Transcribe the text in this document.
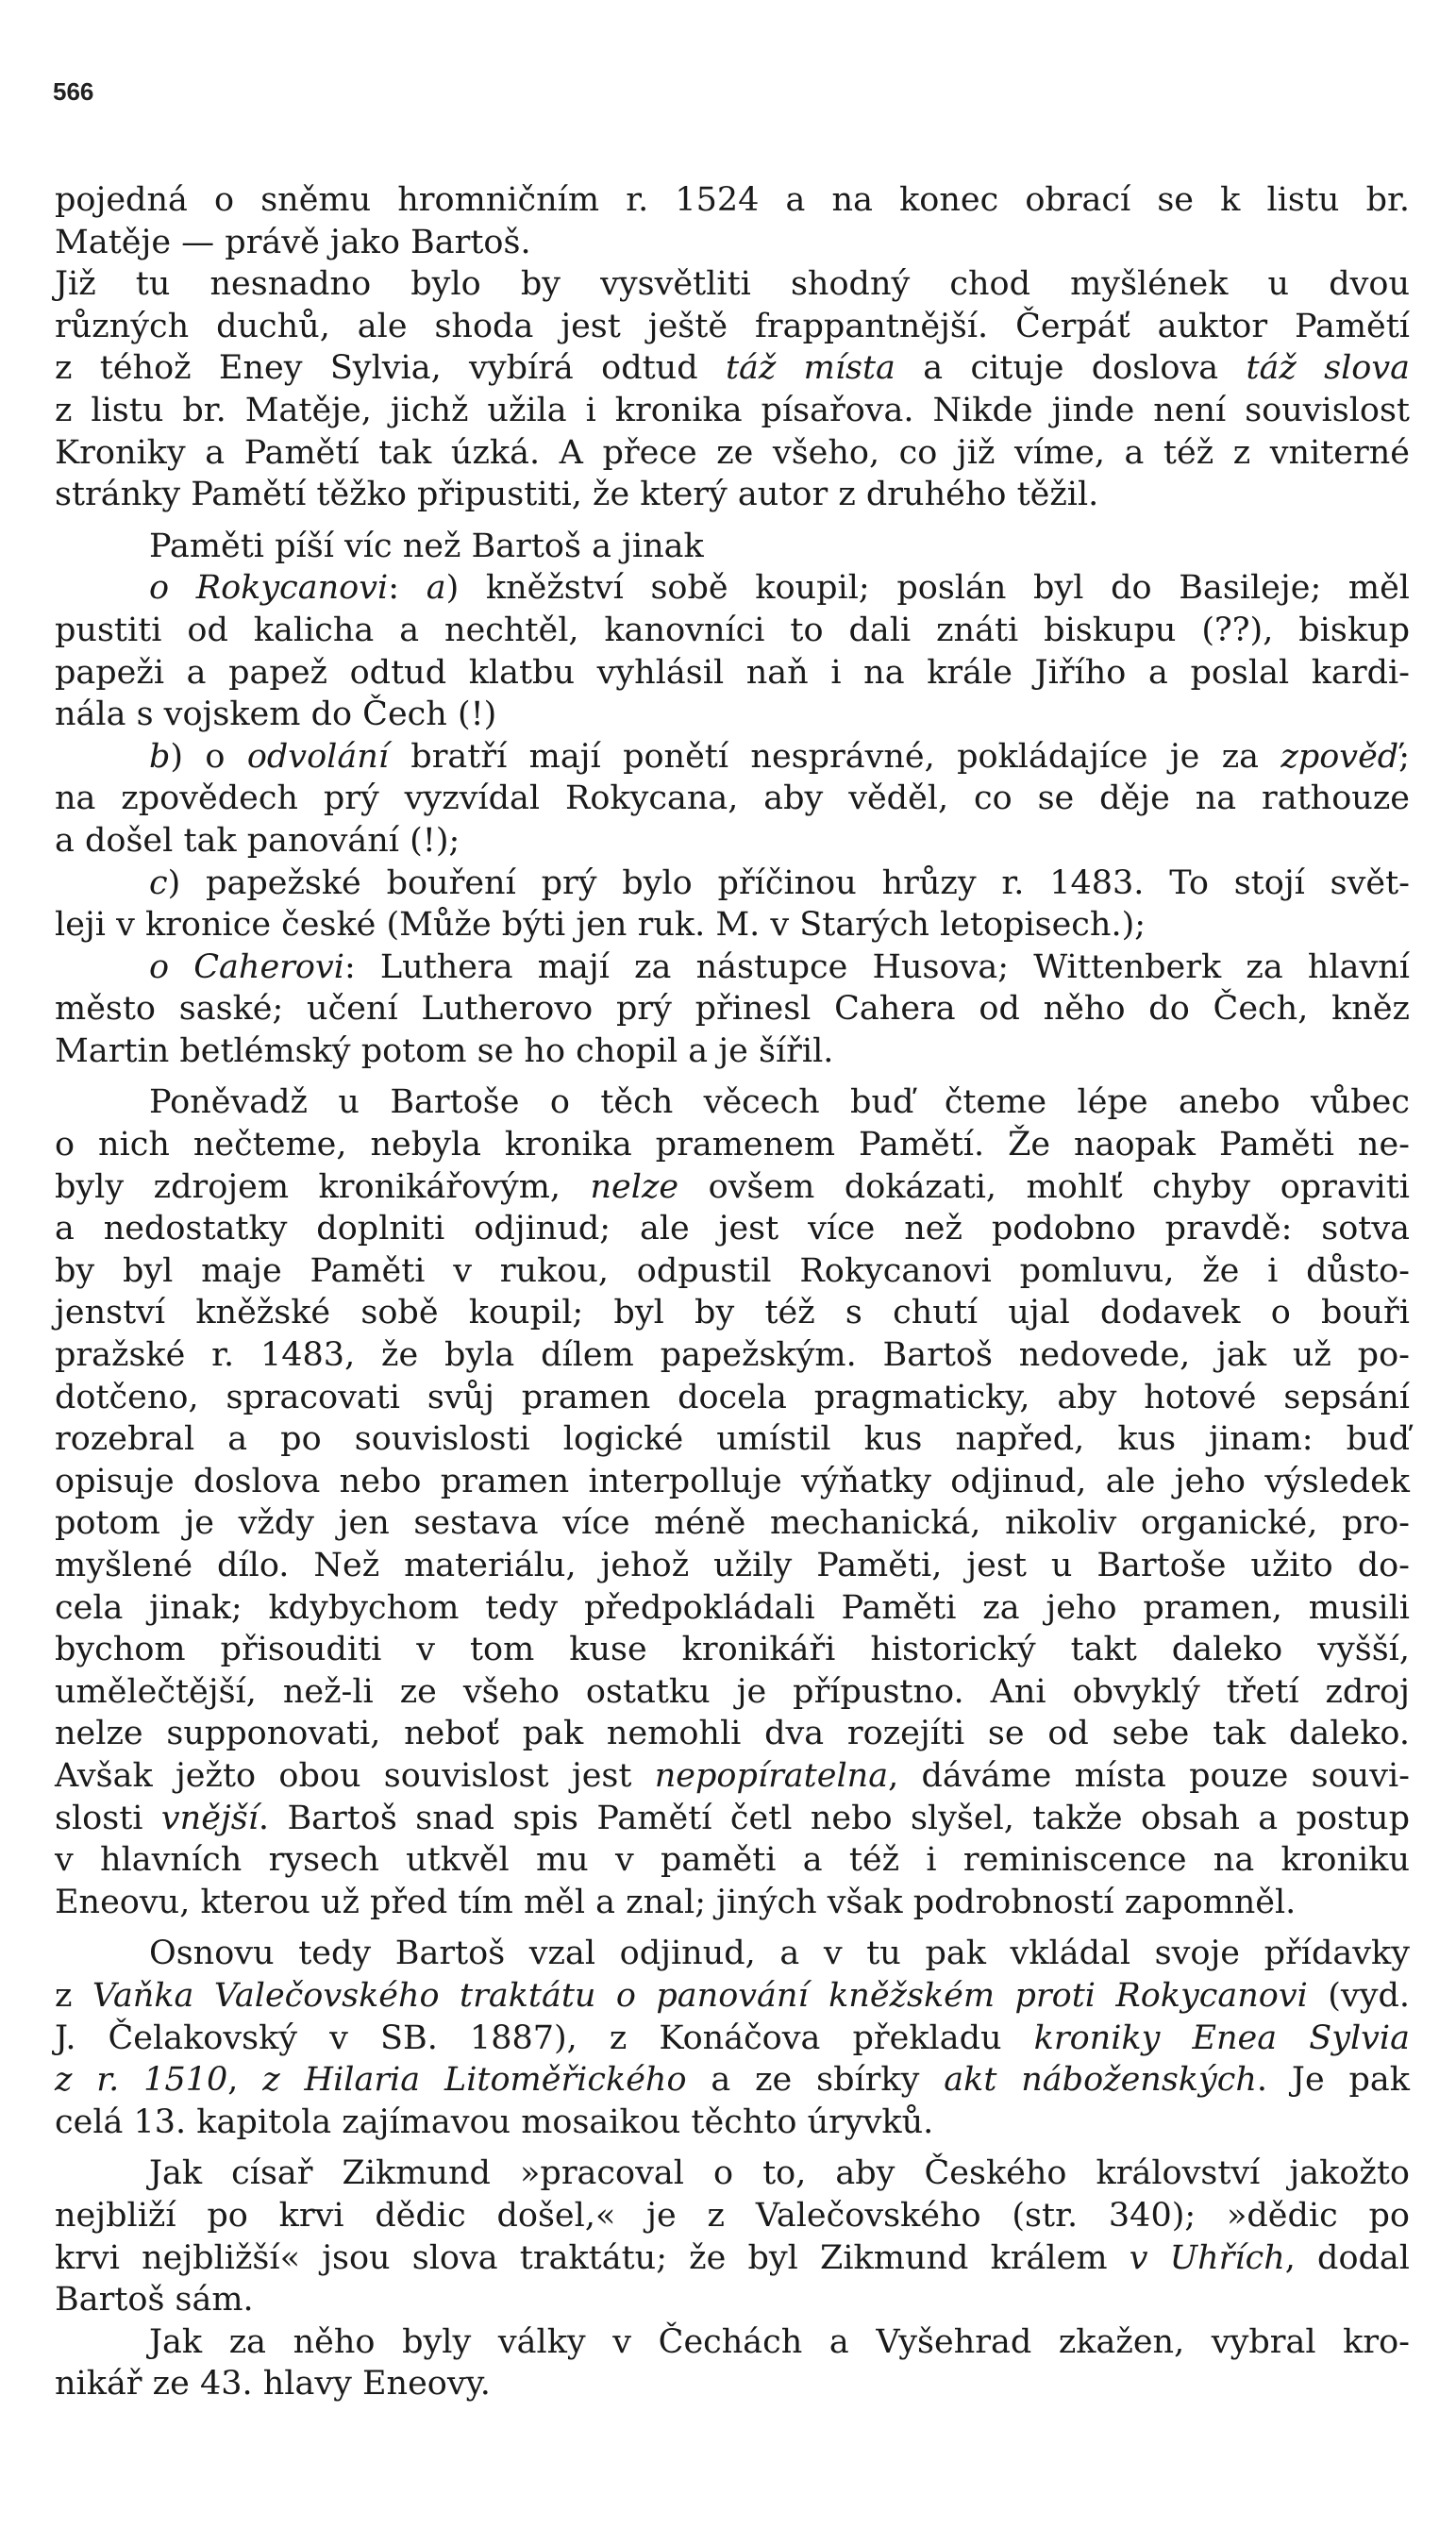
566
pojedná o sněmu hromničním r. 1524 a na konec obrací se k listu br.
Matěje — právě jako Bartoš.
Již tu nesnadno bylo by vysvětliti shodný chod myšlének u dvou
různých duchů, ale shoda jest ještě frappantnější. Čerpáť auktor Pamětí
z téhož Eney Sylvia, vybírá odtud táž místa a cituje doslova táž slova
z listu br. Matěje, jichž užila i kronika písařova. Nikde jinde není souvislost
Kroniky a Pamětí tak úzká. A přece ze všeho, co již víme, a též z vniterné
stránky Pamětí těžko připustiti, že který autor z druhého těžil.
Paměti píší víc než Bartoš a jinak
o Rokycanovi: a) kněžství sobě koupil; poslán byl do Basileje; měl
pustiti od kalicha a nechtěl, kanovníci to dali znáti biskupu (??), biskup
papeži a papež odtud klatbu vyhlásil naň i na krále Jiřího a poslal kardi-
nála s vojskem do Čech (!)
b) o odvolání bratří mají ponětí nesprávné, pokládajíce je za zpověď;
na zpovědech prý vyzvídal Rokycana, aby věděl, co se děje na rathouze
a došel tak panování (!);
c) papežské bouření prý bylo příčinou hrůzy r. 1483. To stojí svět-
leji v kronice české (Může býti jen ruk. M. v Starých letopisech.);
o Caherovi: Luthera mají za nástupce Husova; Wittenberk za hlavní
město saské; učení Lutherovo prý přinesl Cahera od něho do Čech, kněz
Martin betlémský potom se ho chopil a je šířil.
Poněvadž u Bartoše o těch věcech buď čteme lépe anebo vůbec
o nich nečteme, nebyla kronika pramenem Pamětí. Že naopak Paměti ne-
byly zdrojem kronikářovým, nelze ovšem dokázati, mohlť chyby opraviti
a nedostatky doplniti odjinud; ale jest více než podobno pravdě: sotva
by byl maje Paměti v rukou, odpustil Rokycanovi pomluvu, že i důsto-
jenství kněžské sobě koupil; byl by též s chutí ujal dodavek o bouři
pražské r. 1483, že byla dílem papežským. Bartoš nedovede, jak už po-
dotčeno, spracovati svůj pramen docela pragmaticky, aby hotové sepsání
rozebral a po souvislosti logické umístil kus napřed, kus jinam: buď
opisuje doslova nebo pramen interpolluje výňatky odjinud, ale jeho výsledek
potom je vždy jen sestava více méně mechanická, nikoliv organické, pro-
myšlené dílo. Než materiálu, jehož užily Paměti, jest u Bartoše užito do-
cela jinak; kdybychom tedy předpokládali Paměti za jeho pramen, musili
bychom přisouditi v tom kuse kronikáři historický takt daleko vyšší,
umělečtější, než-li ze všeho ostatku je přípustno. Ani obvyklý třetí zdroj
nelze supponovati, neboť pak nemohli dva rozejíti se od sebe tak daleko.
Avšak ježto obou souvislost jest nepopíratelna, dáváme místa pouze souvi-
slosti vnější. Bartoš snad spis Pamětí četl nebo slyšel, takže obsah a postup
v hlavních rysech utkvěl mu v paměti a též i reminiscence na kroniku
Eneovu, kterou už před tím měl a znal; jiných však podrobností zapomněl.
Osnovu tedy Bartoš vzal odjinud, a v tu pak vkládal svoje přídavky
z Vaňka Valečovského traktátu o panování kněžském proti Rokycanovi (vyd.
J. Čelakovský v SB. 1887), z Konáčova překladu kroniky Enea Sylvia
z r. 1510, z Hilaria Litoměřického a ze sbírky akt náboženských. Je pak
celá 13. kapitola zajímavou mosaikou těchto úryvků.
Jak císař Zikmund »pracoval o to, aby Českého království jakožto
nejbliží po krvi dědic došel,« je z Valečovského (str. 340); »dědic po
krvi nejbližší« jsou slova traktátu; že byl Zikmund králem v Uhřích, dodal
Bartoš sám.
Jak za něho byly války v Čechách a Vyšehrad zkažen, vybral kro-
nikář ze 43. hlavy Eneovy.
